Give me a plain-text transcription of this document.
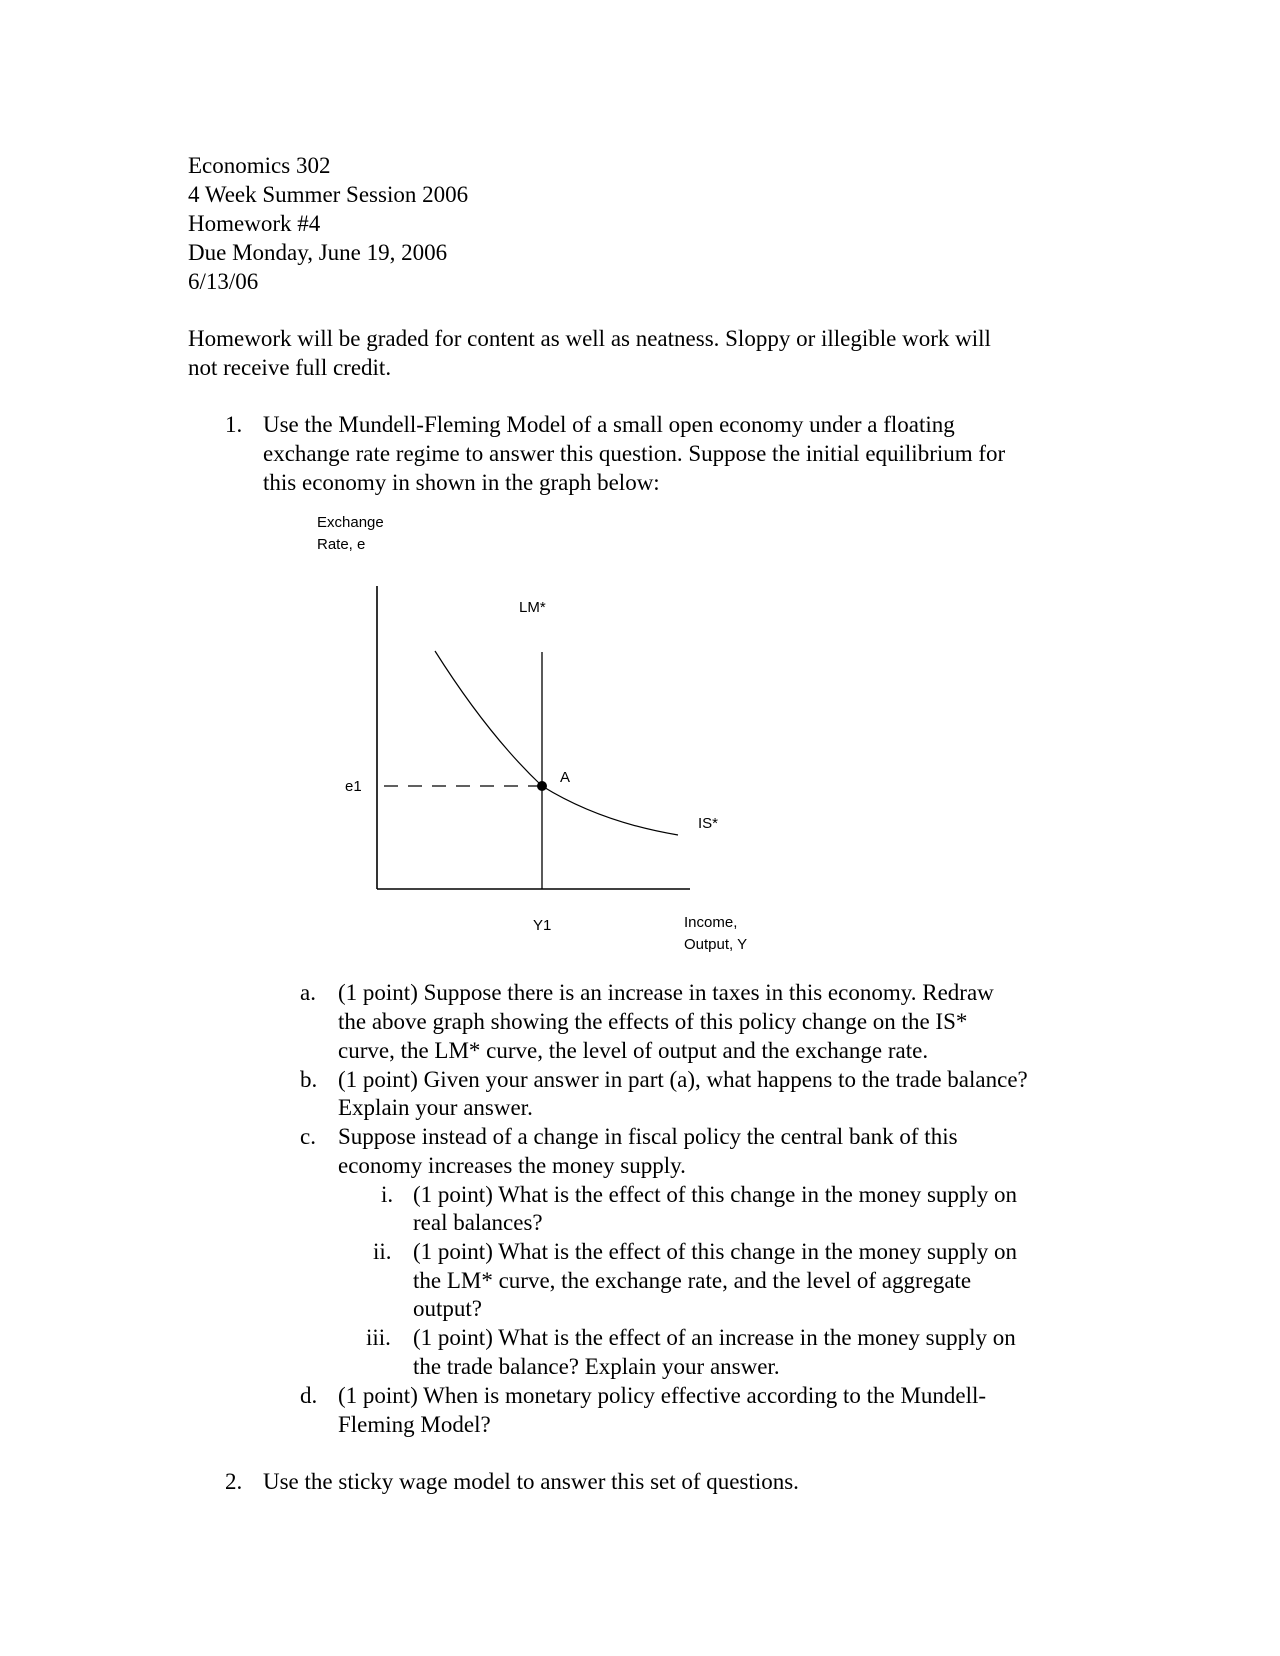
Economics 302

4 Week Summer Session 2006

Homework #4

Due Monday, June 19, 2006

6/13/06

Homework will be graded for content as well as neatness. Sloppy or illegible work will

not receive full credit.

1. Use the Mundell-Fleming Model of a small open economy under a floating

exchange rate regime to answer this question. Suppose the initial equilibrium for

this economy in shown in the graph below:

Exchange
Rate, e
LM*
A
e1
IS*
Y1	Income,
Output, Y
a. (1 point) Suppose there is an increase in taxes in this economy. Redraw

the above graph showing the effects of this policy change on the IS*

curve, the LM* curve, the level of output and the exchange rate.

b. (1 point) Given your answer in part (a), what happens to the trade balance?

Explain your answer.

c. Suppose instead of a change in fiscal policy the central bank of this

economy increases the money supply.

i. (1 point) What is the effect of this change in the money supply on

real balances?

ii. (1 point) What is the effect of this change in the money supply on

the LM* curve, the exchange rate, and the level of aggregate

output?

iii. (1 point) What is the effect of an increase in the money supply on

the trade balance? Explain your answer.

d. (1 point) When is monetary policy effective according to the Mundell-

Fleming Model?

2. Use the sticky wage model to answer this set of questions.
